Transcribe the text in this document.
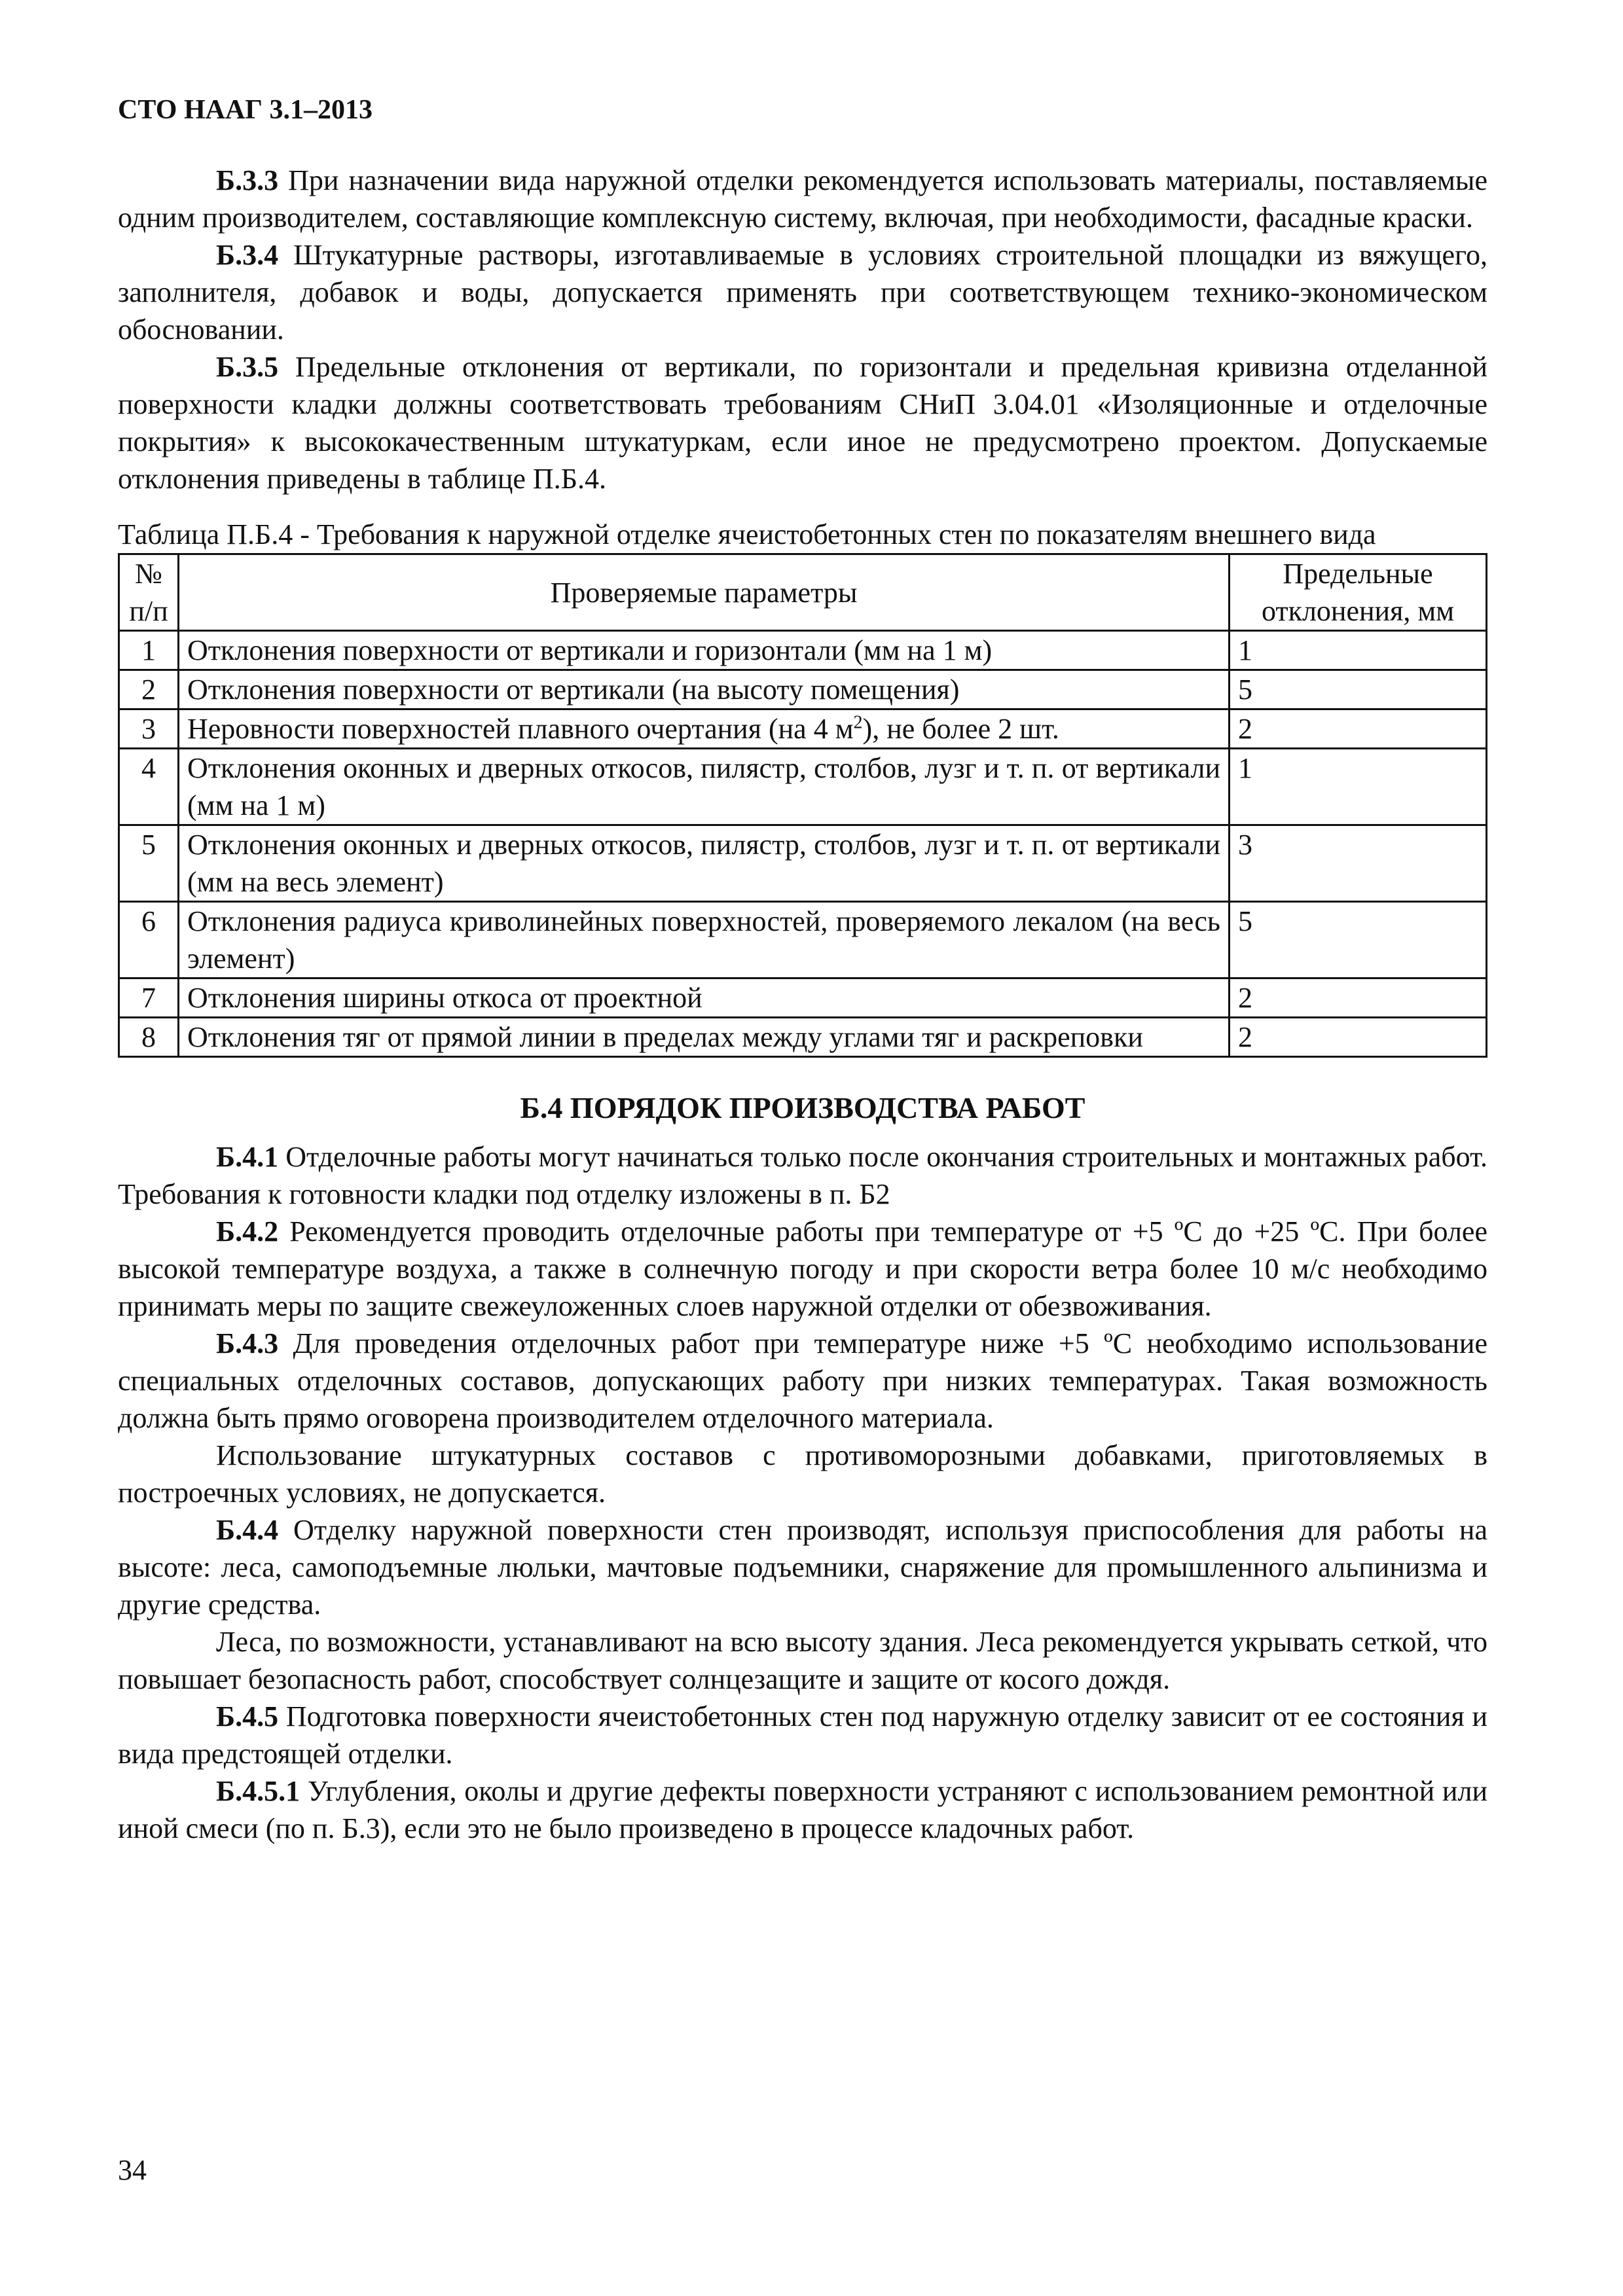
СТО НААГ 3.1–2013

Б.3.3 При назначении вида наружной отделки рекомендуется использовать материалы, поставляемые одним производителем, составляющие комплексную систему, включая, при необходимости, фасадные краски.

Б.3.4 Штукатурные растворы, изготавливаемые в условиях строительной площадки из вяжущего, заполнителя, добавок и воды, допускается применять при соответствующем технико-экономическом обосновании.

Б.3.5 Предельные отклонения от вертикали, по горизонтали и предельная кривизна отделанной поверхности кладки должны соответствовать требованиям СНиП 3.04.01 «Изоляционные и отделочные покрытия» к высококачественным штукатуркам, если иное не предусмотрено проектом. Допускаемые отклонения приведены в таблице П.Б.4.

Таблица П.Б.4 - Требования к наружной отделке ячеистобетонных стен по показателям внешнего вида

№ п/п	Проверяемые параметры	Предельные отклонения, мм
1	Отклонения поверхности от вертикали и горизонтали (мм на 1 м)	1
2	Отклонения поверхности от вертикали (на высоту помещения)	5
3	Неровности поверхностей плавного очертания (на 4 $м^2$), не более 2 шт.	2
4	Отклонения оконных и дверных откосов, пилястр, столбов, лузг и т. п. от вертикали (мм на 1 м)	1
5	Отклонения оконных и дверных откосов, пилястр, столбов, лузг и т. п. от вертикали (мм на весь элемент)	3
6	Отклонения радиуса криволинейных поверхностей, проверяемого лекалом (на весь элемент)	5
7	Отклонения ширины откоса от проектной	2
8	Отклонения тяг от прямой линии в пределах между углами тяг и раскреповки	2
Б.4 ПОРЯДОК ПРОИЗВОДСТВА РАБОТ

Б.4.1 Отделочные работы могут начинаться только после окончания строительных и монтажных работ. Требования к готовности кладки под отделку изложены в п. Б2

Б.4.2 Рекомендуется проводить отделочные работы при температуре от +5 ºС до +25 ºС. При более высокой температуре воздуха, а также в солнечную погоду и при скорости ветра более 10 м/с необходимо принимать меры по защите свежеуложенных слоев наружной отделки от обезвоживания.

Б.4.3 Для проведения отделочных работ при температуре ниже +5 ºС необходимо использование специальных отделочных составов, допускающих работу при низких температурах. Такая возможность должна быть прямо оговорена производителем отделочного материала.

Использование штукатурных составов с противоморозными добавками, приготовляемых в построечных условиях, не допускается.

Б.4.4 Отделку наружной поверхности стен производят, используя приспособления для работы на высоте: леса, самоподъемные люльки, мачтовые подъемники, снаряжение для промышленного альпинизма и другие средства.

Леса, по возможности, устанавливают на всю высоту здания. Леса рекомендуется укрывать сеткой, что повышает безопасность работ, способствует солнцезащите и защите от косого дождя.

Б.4.5 Подготовка поверхности ячеистобетонных стен под наружную отделку зависит от ее состояния и вида предстоящей отделки.

Б.4.5.1 Углубления, околы и другие дефекты поверхности устраняют с использованием ремонтной или иной смеси (по п. Б.3), если это не было произведено в процессе кладочных работ.

34
